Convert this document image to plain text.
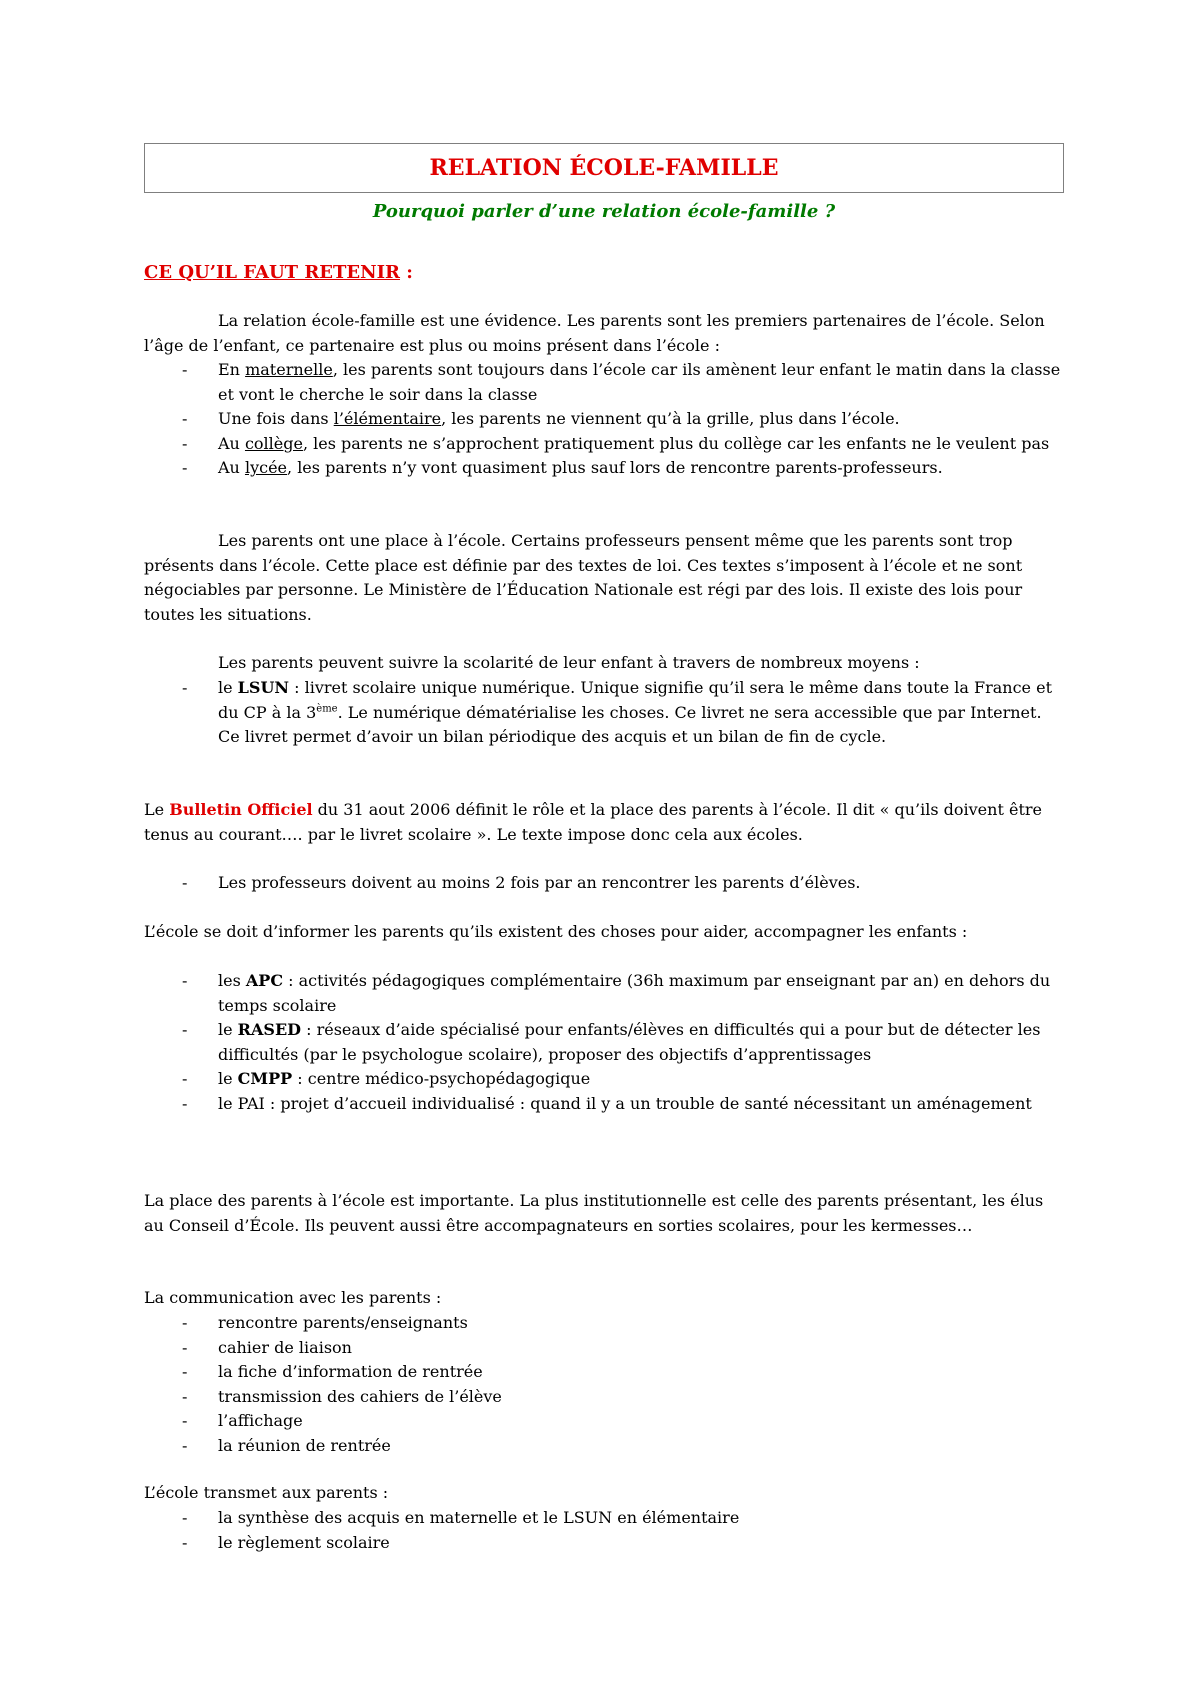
RELATION ÉCOLE-FAMILLE
Pourquoi parler d’une relation école-famille ?
CE QU’IL FAUT RETENIR :
La relation école-famille est une évidence. Les parents sont les premiers partenaires de l’école. Selon l’âge de l’enfant, ce partenaire est plus ou moins présent dans l’école :
- En maternelle, les parents sont toujours dans l’école car ils amènent leur enfant le matin dans la classe et vont le cherche le soir dans la classe
- Une fois dans l’élémentaire, les parents ne viennent qu’à la grille, plus dans l’école.
- Au collège, les parents ne s’approchent pratiquement plus du collège car les enfants ne le veulent pas
- Au lycée, les parents n’y vont quasiment plus sauf lors de rencontre parents-professeurs.
Les parents ont une place à l’école. Certains professeurs pensent même que les parents sont trop présents dans l’école. Cette place est définie par des textes de loi. Ces textes s’imposent à l’école et ne sont négociables par personne. Le Ministère de l’Éducation Nationale est régi par des lois. Il existe des lois pour toutes les situations.
Les parents peuvent suivre la scolarité de leur enfant à travers de nombreux moyens :
- le LSUN : livret scolaire unique numérique. Unique signifie qu’il sera le même dans toute la France et du CP à la 3ème. Le numérique dématérialise les choses. Ce livret ne sera accessible que par Internet. Ce livret permet d’avoir un bilan périodique des acquis et un bilan de fin de cycle.
Le Bulletin Officiel du 31 aout 2006 définit le rôle et la place des parents à l’école. Il dit « qu’ils doivent être tenus au courant…. par le livret scolaire ». Le texte impose donc cela aux écoles.
- Les professeurs doivent au moins 2 fois par an rencontrer les parents d’élèves.
L’école se doit d’informer les parents qu’ils existent des choses pour aider, accompagner les enfants :
- les APC : activités pédagogiques complémentaire (36h maximum par enseignant par an) en dehors du temps scolaire
- le RASED : réseaux d’aide spécialisé pour enfants/élèves en difficultés qui a pour but de détecter les difficultés (par le psychologue scolaire), proposer des objectifs d’apprentissages
- le CMPP : centre médico-psychopédagogique
- le PAI : projet d’accueil individualisé : quand il y a un trouble de santé nécessitant un aménagement
La place des parents à l’école est importante. La plus institutionnelle est celle des parents présentant, les élus au Conseil d’École. Ils peuvent aussi être accompagnateurs en sorties scolaires, pour les kermesses…
La communication avec les parents :
- rencontre parents/enseignants
- cahier de liaison
- la fiche d’information de rentrée
- transmission des cahiers de l’élève
- l’affichage
- la réunion de rentrée
L’école transmet aux parents :
- la synthèse des acquis en maternelle et le LSUN en élémentaire
- le règlement scolaire
